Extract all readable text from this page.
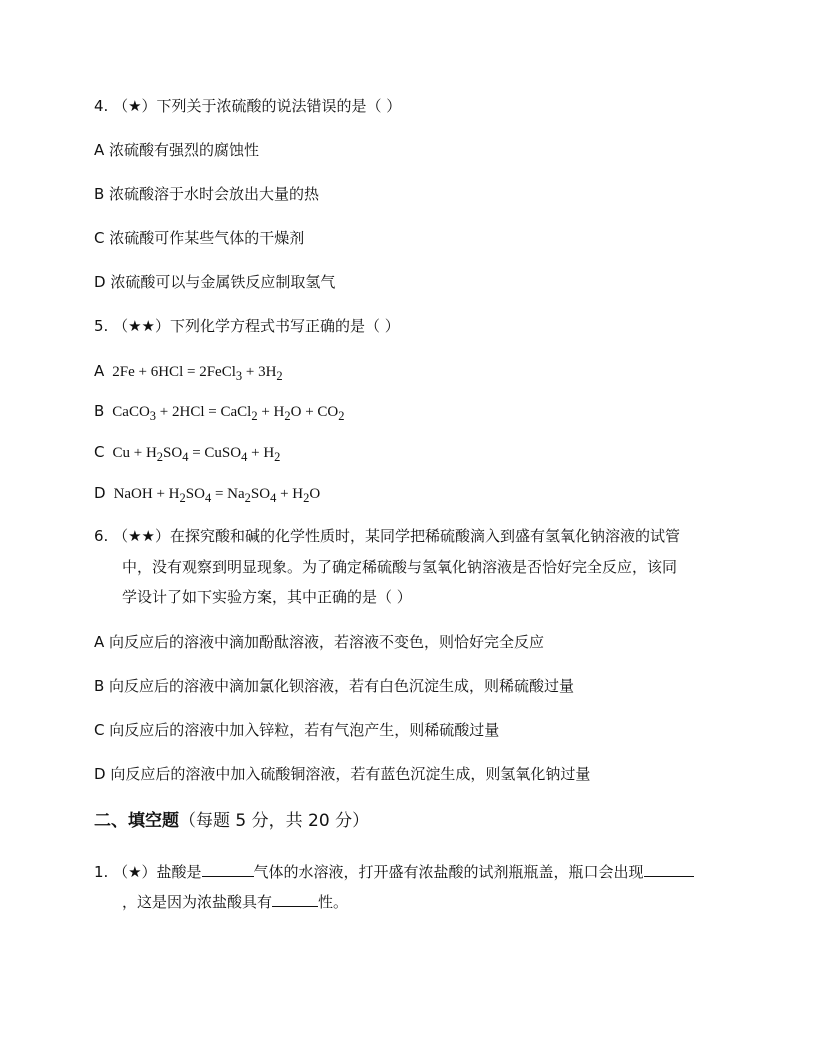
4. （★）下列关于浓硫酸的说法错误的是（ ）
A 浓硫酸有强烈的腐蚀性
B 浓硫酸溶于水时会放出大量的热
C 浓硫酸可作某些气体的干燥剂
D 浓硫酸可以与金属铁反应制取氢气
5. （★★）下列化学方程式书写正确的是（ ）
A 2Fe + 6HCl = 2FeCl$_3$ + $3H_2$
B CaCO$_3$ + 2HCl = CaCl$_2$ + $H_2O + CO_2$
C $Cu + H_2SO_4$ = CuSO$_4$ + $H_2$
D NaOH + $H_2SO_4 = Na_2SO_4 + H_2O$
6. （★★）在探究酸和碱的化学性质时，某同学把稀硫酸滴入到盛有氢氧化钠溶液的试管
中，没有观察到明显现象。为了确定稀硫酸与氢氧化钠溶液是否恰好完全反应，该同
学设计了如下实验方案，其中正确的是（ ）
A 向反应后的溶液中滴加酚酞溶液，若溶液不变色，则恰好完全反应
B 向反应后的溶液中滴加氯化钡溶液，若有白色沉淀生成，则稀硫酸过量
C 向反应后的溶液中加入锌粒，若有气泡产生，则稀硫酸过量
D 向反应后的溶液中加入硫酸铜溶液，若有蓝色沉淀生成，则氢氧化钠过量
二、填空题（每题 5 分，共 20 分）
1. （★）盐酸是	气体的水溶液，打开盛有浓盐酸的试剂瓶瓶盖，瓶口会出现
，这是因为浓盐酸具有	性。
